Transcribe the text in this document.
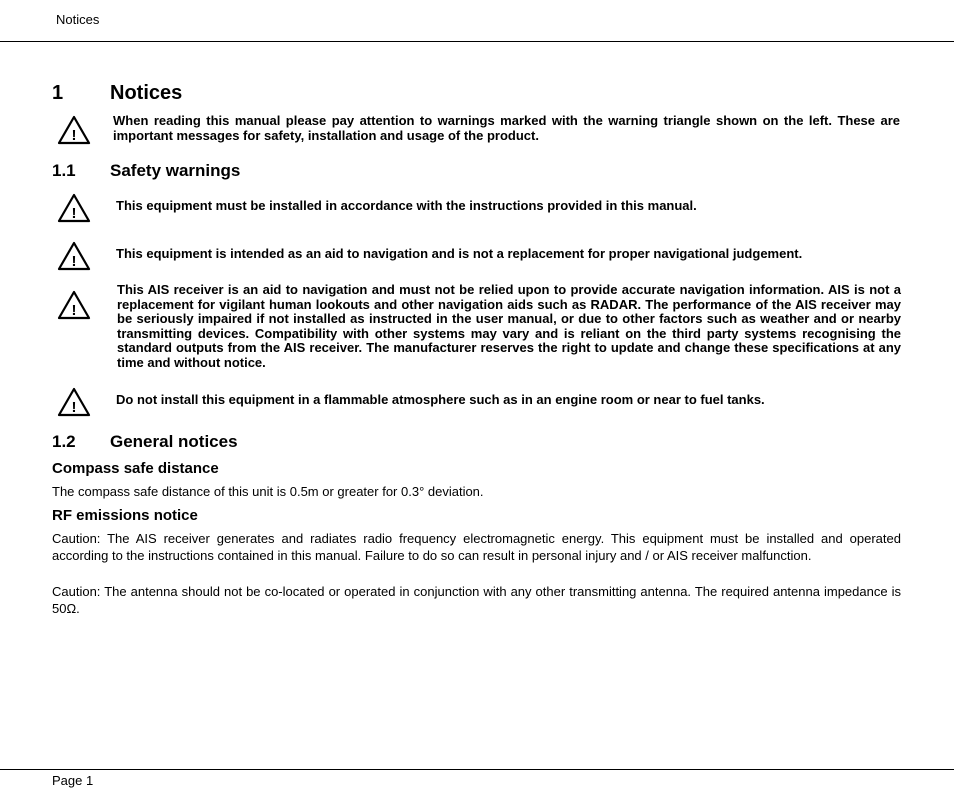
Notices
1 Notices
!
When reading this manual please pay attention to warnings marked with the warning triangle shown on the left. These are important messages for safety, installation and usage of the product.
1.1 Safety warnings
!	This equipment must be installed in accordance with the instructions provided in this manual.
!	This equipment is intended as an aid to navigation and is not a replacement for proper navigational judgement.
!
This AIS receiver is an aid to navigation and must not be relied upon to provide accurate navigation information. AIS is not a replacement for vigilant human lookouts and other navigation aids such as RADAR. The performance of the AIS receiver may be seriously impaired if not installed as instructed in the user manual, or due to other factors such as weather and or nearby transmitting devices. Compatibility with other systems may vary and is reliant on the third party systems recognising the standard outputs from the AIS receiver. The manufacturer reserves the right to update and change these specifications at any time and without notice.
!	Do not install this equipment in a flammable atmosphere such as in an engine room or near to fuel tanks.
1.2 General notices
Compass safe distance
The compass safe distance of this unit is 0.5m or greater for 0.3° deviation.
RF emissions notice
Caution: The AIS receiver generates and radiates radio frequency electromagnetic energy. This equipment must be installed and operated according to the instructions contained in this manual. Failure to do so can result in personal injury and / or AIS receiver malfunction.
Caution: The antenna should not be co-located or operated in conjunction with any other transmitting antenna. The required antenna impedance is 50Ω.
Page 1
